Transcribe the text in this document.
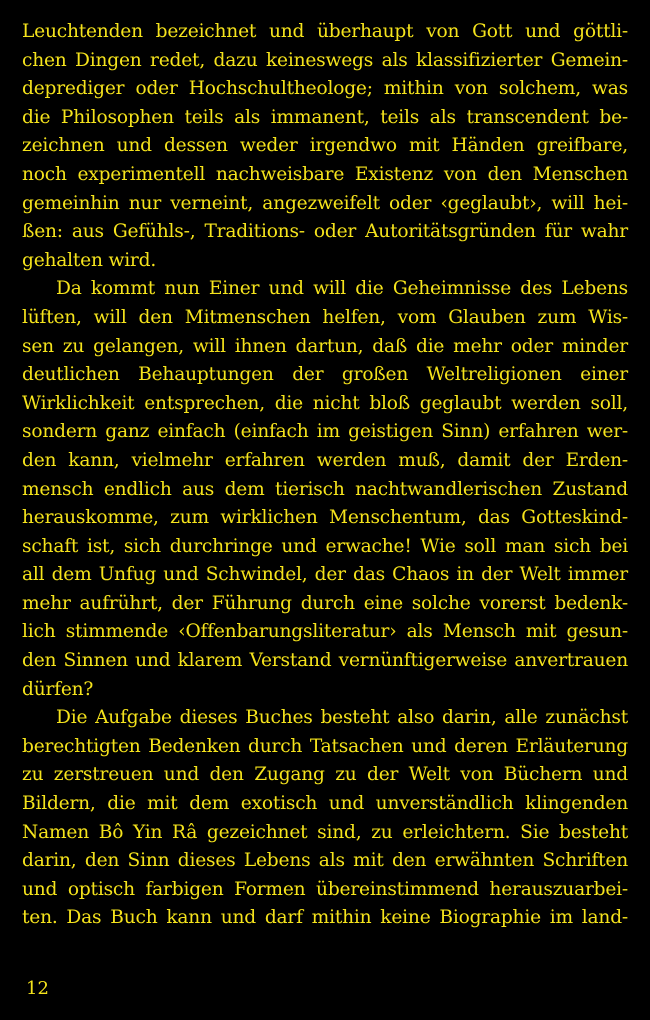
Leuchtenden bezeichnet und überhaupt von Gott und göttli-
chen Dingen redet, dazu keineswegs als klassifizierter Gemein-
deprediger oder Hochschultheologe; mithin von solchem, was
die Philosophen teils als immanent, teils als transcendent be-
zeichnen und dessen weder irgendwo mit Händen greifbare,
noch experimentell nachweisbare Existenz von den Menschen
gemeinhin nur verneint, angezweifelt oder ‹geglaubt›, will hei-
ßen: aus Gefühls-, Traditions- oder Autoritätsgründen für wahr
gehalten wird.
Da kommt nun Einer und will die Geheimnisse des Lebens
lüften, will den Mitmenschen helfen, vom Glauben zum Wis-
sen zu gelangen, will ihnen dartun, daß die mehr oder minder
deutlichen Behauptungen der großen Weltreligionen einer
Wirklichkeit entsprechen, die nicht bloß geglaubt werden soll,
sondern ganz einfach (einfach im geistigen Sinn) erfahren wer-
den kann, vielmehr erfahren werden muß, damit der Erden-
mensch endlich aus dem tierisch nachtwandlerischen Zustand
herauskomme, zum wirklichen Menschentum, das Gotteskind-
schaft ist, sich durchringe und erwache! Wie soll man sich bei
all dem Unfug und Schwindel, der das Chaos in der Welt immer
mehr aufrührt, der Führung durch eine solche vorerst bedenk-
lich stimmende ‹Offenbarungsliteratur› als Mensch mit gesun-
den Sinnen und klarem Verstand vernünftigerweise anvertrauen
dürfen?
Die Aufgabe dieses Buches besteht also darin, alle zunächst
berechtigten Bedenken durch Tatsachen und deren Erläuterung
zu zerstreuen und den Zugang zu der Welt von Büchern und
Bildern, die mit dem exotisch und unverständlich klingenden
Namen Bô Yin Râ gezeichnet sind, zu erleichtern. Sie besteht
darin, den Sinn dieses Lebens als mit den erwähnten Schriften
und optisch farbigen Formen übereinstimmend herauszuarbei-
ten. Das Buch kann und darf mithin keine Biographie im land-
12
